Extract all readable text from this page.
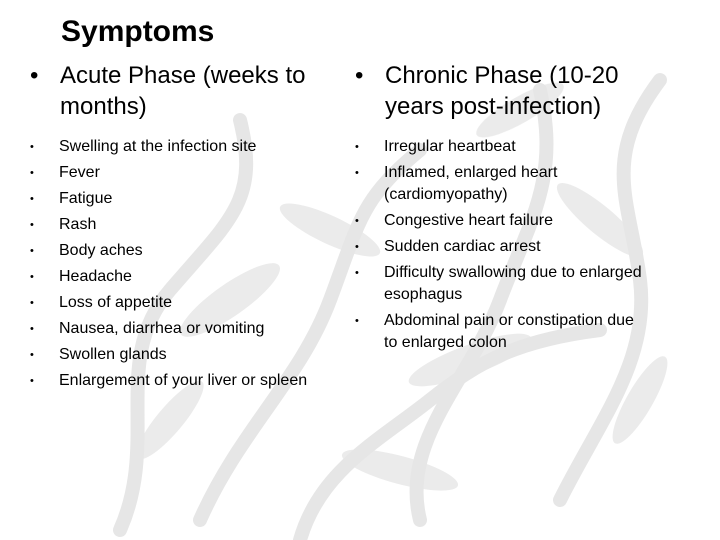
Symptoms
• Acute Phase (weeks to months)
• Swelling at the infection site
• Fever
• Fatigue
• Rash
• Body aches
• Headache
• Loss of appetite
• Nausea, diarrhea or vomiting
• Swollen glands
• Enlargement of your liver or spleen
• Chronic Phase (10-20 years post-infection)
• Irregular heartbeat
• Inflamed, enlarged heart (cardiomyopathy)
• Congestive heart failure
• Sudden cardiac arrest
• Difficulty swallowing due to enlarged esophagus
• Abdominal pain or constipation due to enlarged colon
